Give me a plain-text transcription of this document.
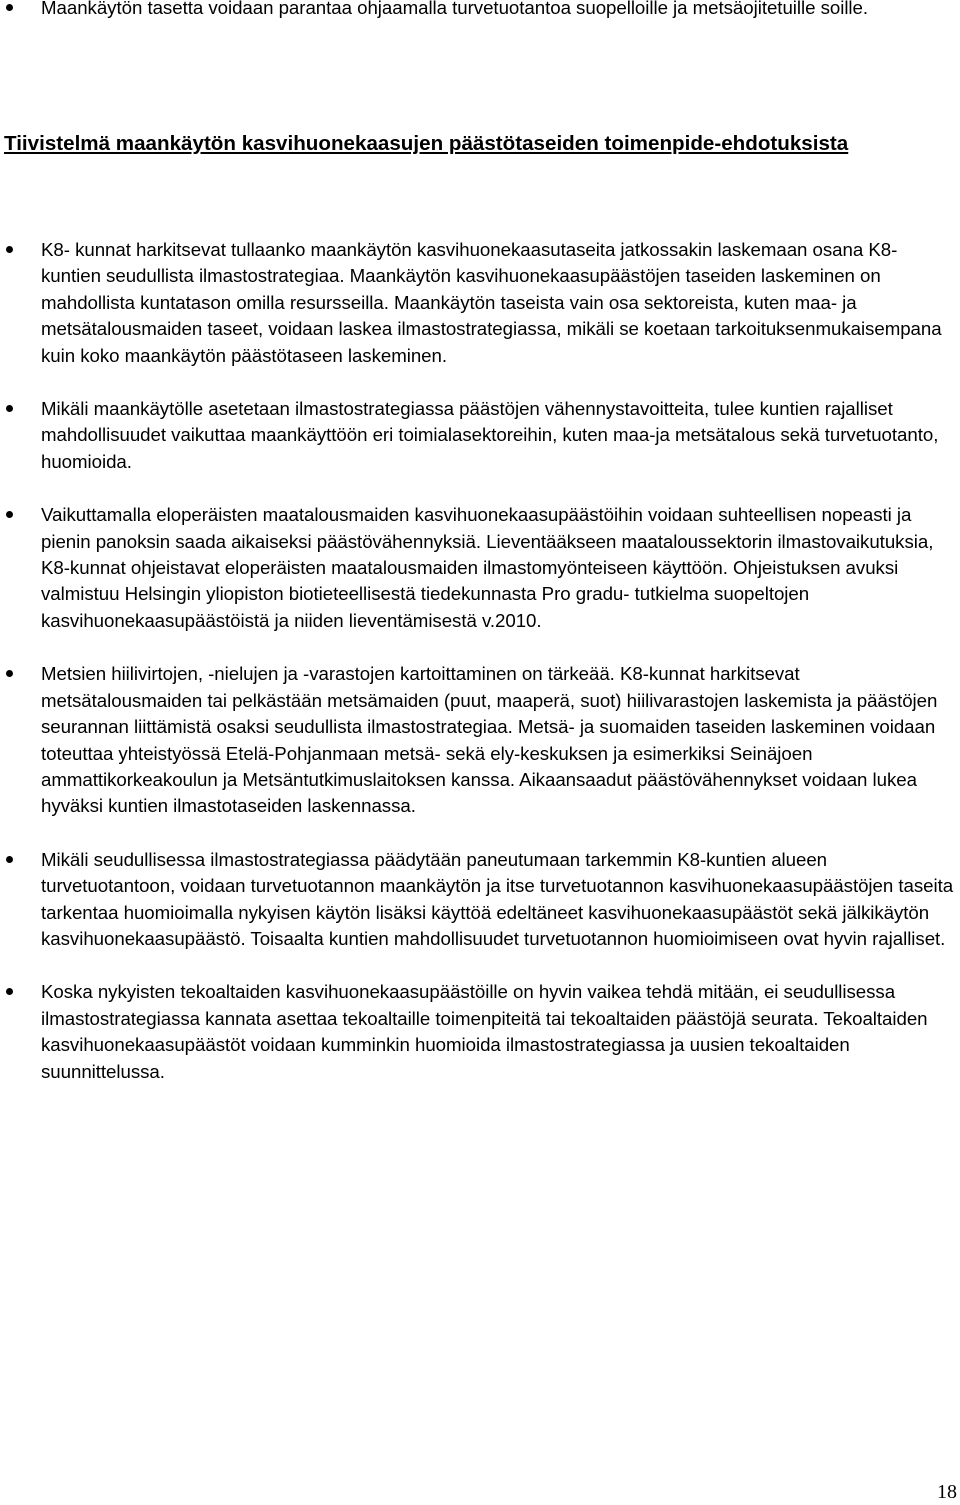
Maankäytön tasetta voidaan parantaa ohjaamalla turvetuotantoa suopelloille ja metsäojitetuille soille.
Tiivistelmä maankäytön kasvihuonekaasujen päästötaseiden toimenpide-ehdotuksista
K8- kunnat harkitsevat tullaanko maankäytön kasvihuonekaasutaseita jatkossakin laskemaan osana K8- kuntien seudullista ilmastostrategiaa. Maankäytön kasvihuonekaasupäästöjen taseiden laskeminen on mahdollista kuntatason omilla resursseilla. Maankäytön taseista vain osa sektoreista, kuten maa- ja metsätalousmaiden taseet, voidaan laskea ilmastostrategiassa, mikäli se koetaan tarkoituksenmukaisempana kuin koko maankäytön päästötaseen laskeminen.
Mikäli maankäytölle asetetaan ilmastostrategiassa päästöjen vähennystavoitteita, tulee kuntien rajalliset mahdollisuudet vaikuttaa maankäyttöön eri toimialasektoreihin, kuten maa-ja metsätalous sekä turvetuotanto, huomioida.
Vaikuttamalla eloperäisten maatalousmaiden kasvihuonekaasupäästöihin voidaan suhteellisen nopeasti ja pienin panoksin saada aikaiseksi päästövähennyksiä. Lieventääkseen maataloussektorin ilmastovaikutuksia, K8-kunnat ohjeistavat eloperäisten maatalousmaiden ilmastomyönteiseen käyttöön. Ohjeistuksen avuksi valmistuu Helsingin yliopiston biotieteellisestä tiedekunnasta Pro gradu- tutkielma suopeltojen kasvihuonekaasupäästöistä ja niiden lieventämisestä v.2010.
Metsien hiilivirtojen, -nielujen ja -varastojen kartoittaminen on tärkeää. K8-kunnat harkitsevat metsätalousmaiden tai pelkästään metsämaiden (puut, maaperä, suot) hiilivarastojen laskemista ja päästöjen seurannan liittämistä osaksi seudullista ilmastostrategiaa. Metsä- ja suomaiden taseiden laskeminen voidaan toteuttaa yhteistyössä Etelä-Pohjanmaan metsä- sekä ely-keskuksen ja esimerkiksi Seinäjoen ammattikorkeakoulun ja Metsäntutkimuslaitoksen kanssa. Aikaansaadut päästövähennykset voidaan lukea hyväksi kuntien ilmastotaseiden laskennassa.
Mikäli seudullisessa ilmastostrategiassa päädytään paneutumaan tarkemmin K8-kuntien alueen turvetuotantoon, voidaan turvetuotannon maankäytön ja itse turvetuotannon kasvihuonekaasupäästöjen taseita tarkentaa huomioimalla nykyisen käytön lisäksi käyttöä edeltäneet kasvihuonekaasupäästöt sekä jälkikäytön kasvihuonekaasupäästö. Toisaalta kuntien mahdollisuudet turvetuotannon huomioimiseen ovat hyvin rajalliset.
Koska nykyisten tekoaltaiden kasvihuonekaasupäästöille on hyvin vaikea tehdä mitään, ei seudullisessa ilmastostrategiassa kannata asettaa tekoaltaille toimenpiteitä tai tekoaltaiden päästöjä seurata. Tekoaltaiden kasvihuonekaasupäästöt voidaan kumminkin huomioida ilmastostrategiassa ja uusien tekoaltaiden suunnittelussa.
18
